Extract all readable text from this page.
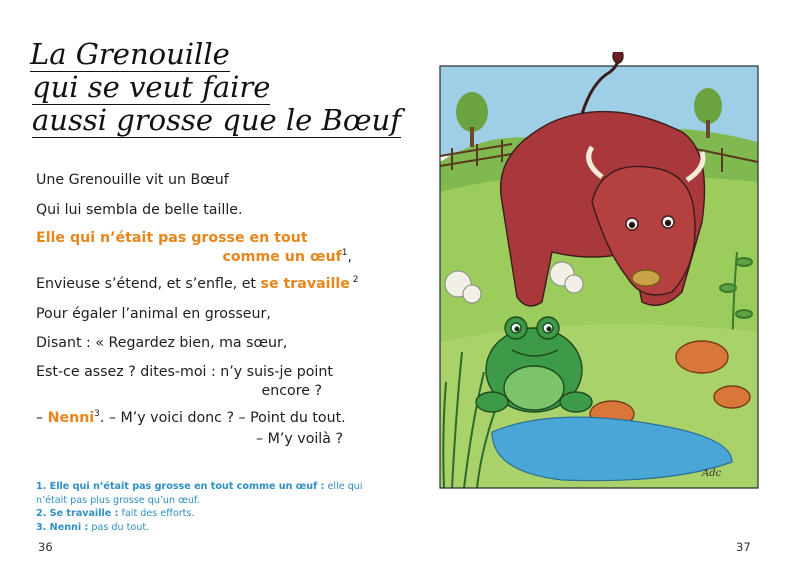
La Grenouille
qui se veut faire
aussi grosse que le Bœuf
Une Grenouille vit un Bœuf
Qui lui sembla de belle taille.
Elle qui n’était pas grosse en tout
comme un œuf$^1$,
Envieuse s’étend, et s’enfle, et se travaille $^2$
Pour égaler l’animal en grosseur,
Disant : « Regardez bien, ma sœur,
Est-ce assez ? dites-moi : n’y suis-je point
encore ?
– Nenni$^3$. – M’y voici donc ? – Point du tout.
– M’y voilà ?
1. Elle qui n’était pas grosse en tout comme un œuf : elle qui n’était pas plus grosse qu’un œuf.
2. Se travaille : fait des efforts.
3. Nenni : pas du tout.
36	37
Adc
